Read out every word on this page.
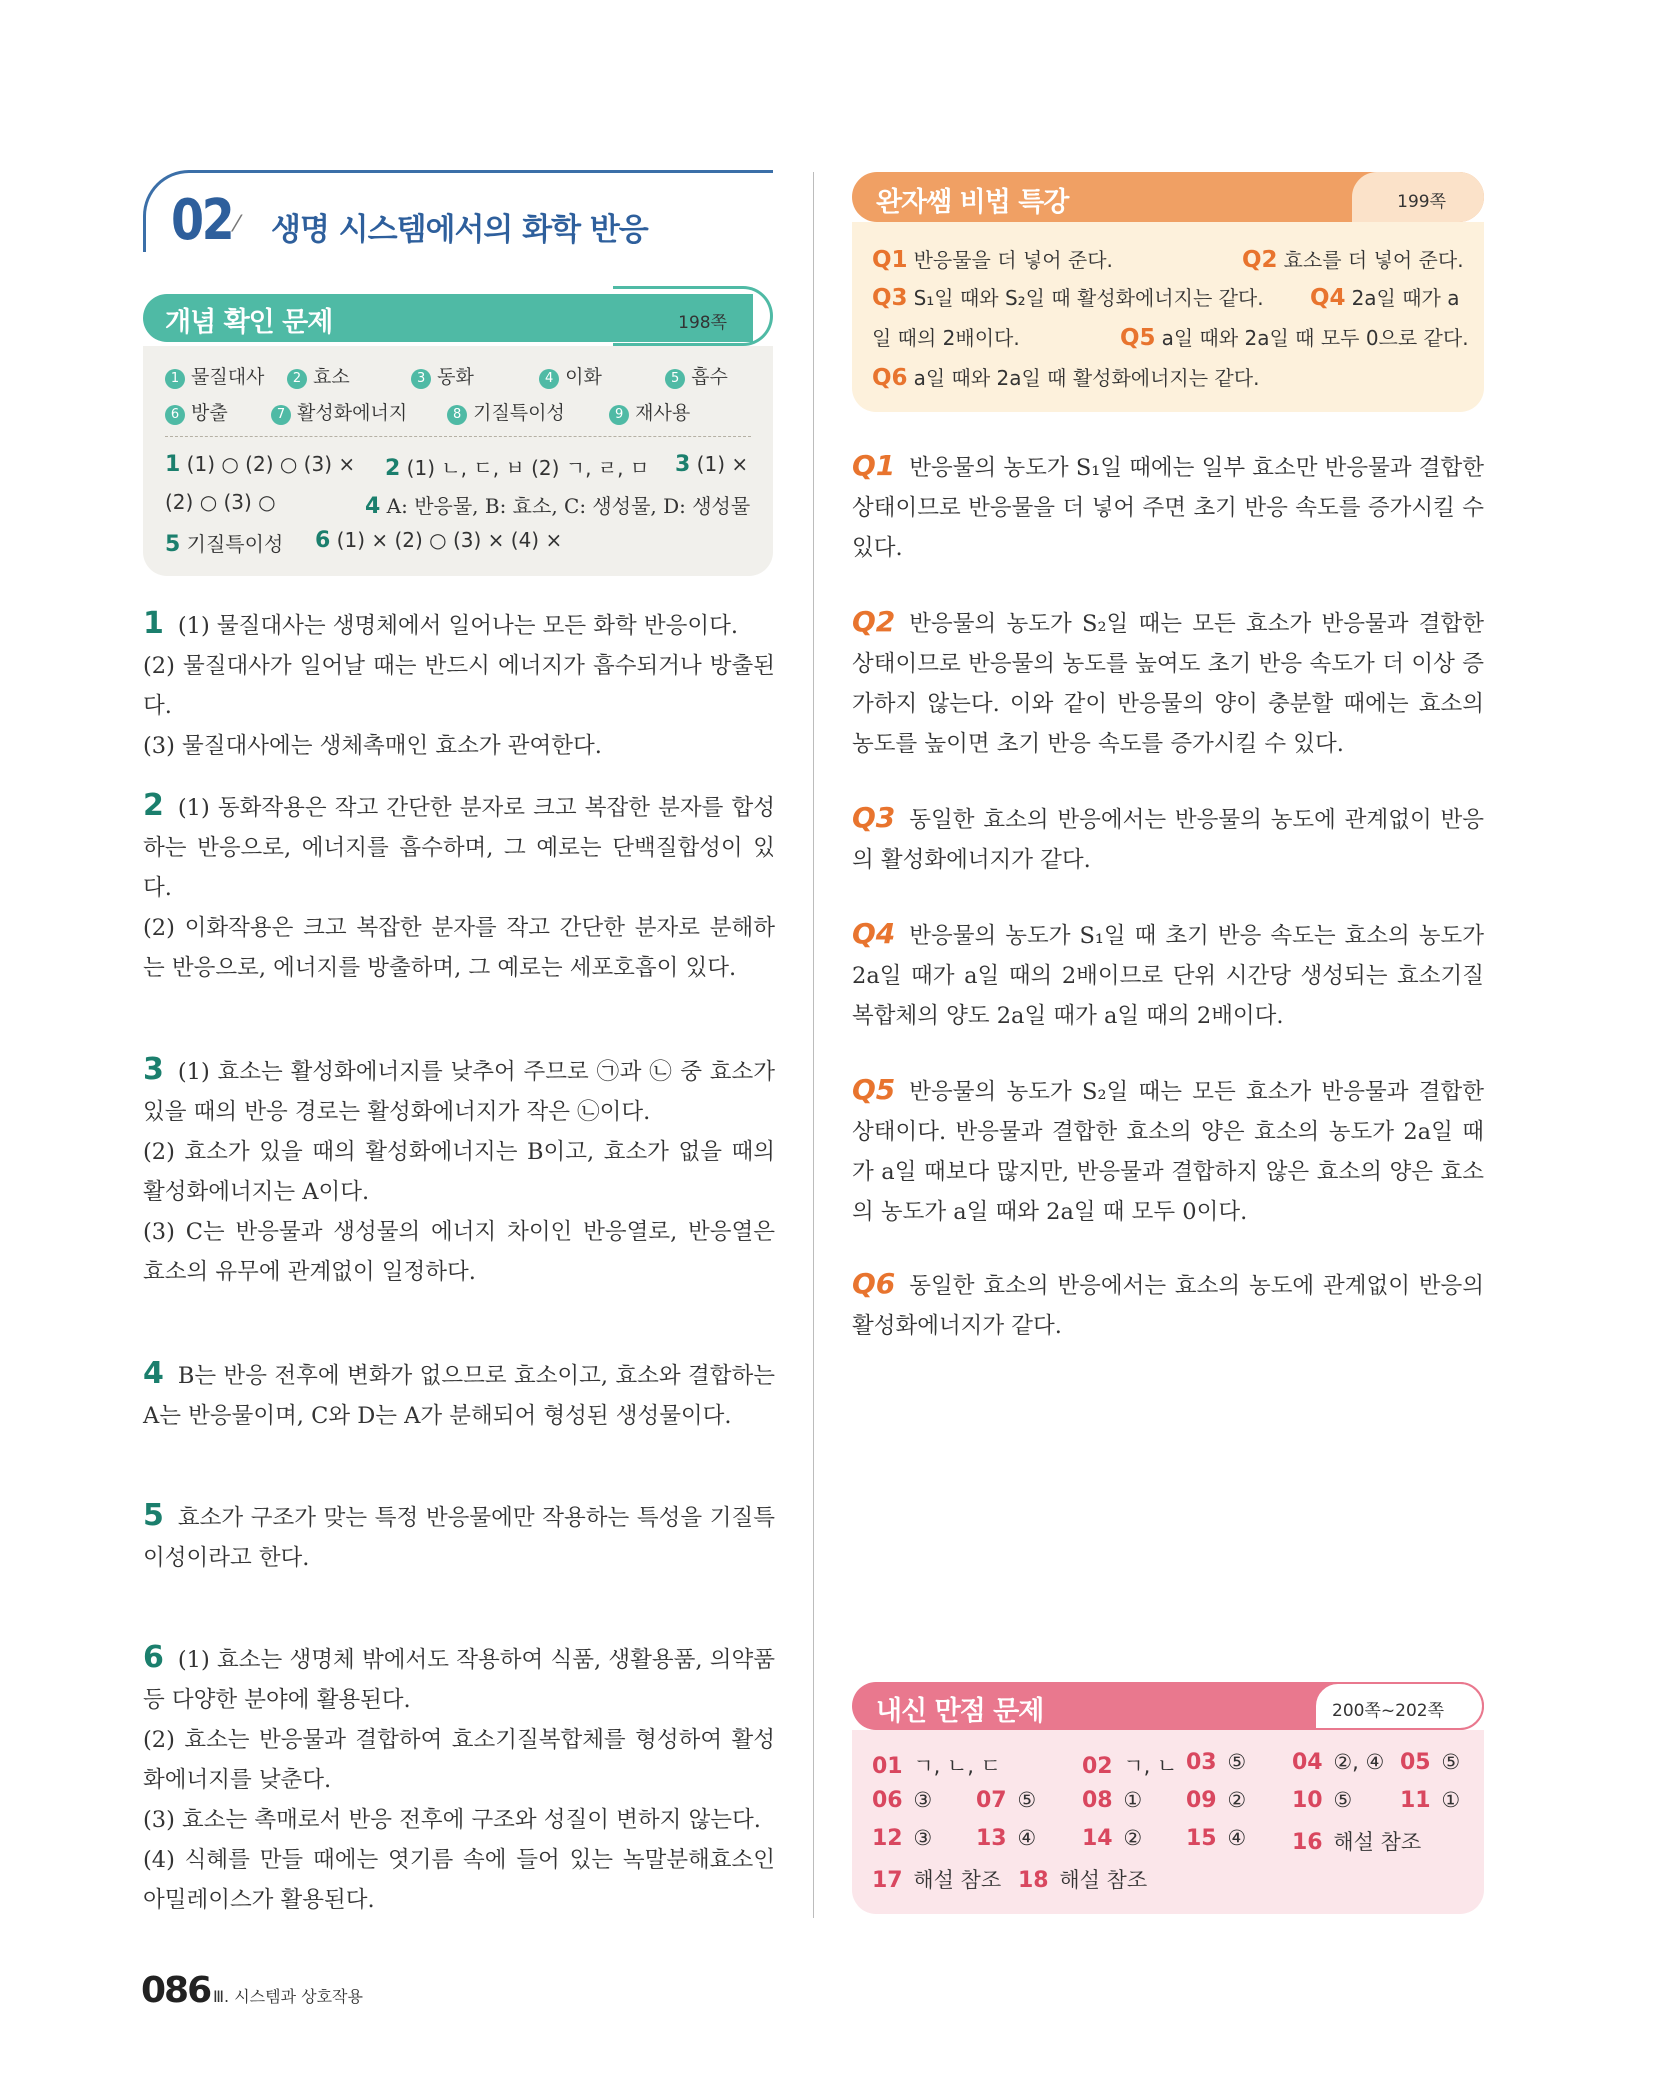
02 ⁄ 생명 시스템에서의 화학 반응
개념 확인 문제	198쪽
1 물질대사 2 효소	3 동화	4 이화	5 흡수
6 방출	7 활성화에너지	8 기질특이성	9 재사용
1 (1) ○ (2) ○ (3) × 2 (1) ㄴ, ㄷ, ㅂ (2) ㄱ, ㄹ, ㅁ 3 (1) ×
(2) ○ (3) ○	4 A: 반응물, B: 효소, C: 생성물, D: 생성물
5 기질특이성 6 (1) × (2) ○ (3) × (4) ×
1 (1) 물질대사는 생명체에서 일어나는 모든 화학 반응이다.
(2) 물질대사가 일어날 때는 반드시 에너지가 흡수되거나 방출된다.
(3) 물질대사에는 생체촉매인 효소가 관여한다.
2 (1) 동화작용은 작고 간단한 분자로 크고 복잡한 분자를 합성하는 반응으로, 에너지를 흡수하며, 그 예로는 단백질합성이 있다.
(2) 이화작용은 크고 복잡한 분자를 작고 간단한 분자로 분해하는 반응으로, 에너지를 방출하며, 그 예로는 세포호흡이 있다.
3 (1) 효소는 활성화에너지를 낮추어 주므로 ㉠과 ㉡ 중 효소가 있을 때의 반응 경로는 활성화에너지가 작은 ㉡이다.
(2) 효소가 있을 때의 활성화에너지는 B이고, 효소가 없을 때의 활성화에너지는 A이다.
(3) C는 반응물과 생성물의 에너지 차이인 반응열로, 반응열은 효소의 유무에 관계없이 일정하다.
4 B는 반응 전후에 변화가 없으므로 효소이고, 효소와 결합하는 A는 반응물이며, C와 D는 A가 분해되어 형성된 생성물이다.
5 효소가 구조가 맞는 특정 반응물에만 작용하는 특성을 기질특이성이라고 한다.
6 (1) 효소는 생명체 밖에서도 작용하여 식품, 생활용품, 의약품 등 다양한 분야에 활용된다.
(2) 효소는 반응물과 결합하여 효소기질복합체를 형성하여 활성화에너지를 낮춘다.
(3) 효소는 촉매로서 반응 전후에 구조와 성질이 변하지 않는다.
(4) 식혜를 만들 때에는 엿기름 속에 들어 있는 녹말분해효소인 아밀레이스가 활용된다.
완자쌤 비법 특강	199쪽
Q1 반응물을 더 넣어 준다.	Q2 효소를 더 넣어 준다.
Q3 S₁일 때와 S₂일 때 활성화에너지는 같다. Q4 2a일 때가 a
일 때의 2배이다.	Q5 a일 때와 2a일 때 모두 0으로 같다.
Q6 a일 때와 2a일 때 활성화에너지는 같다.
Q1 반응물의 농도가 S₁일 때에는 일부 효소만 반응물과 결합한 상태이므로 반응물을 더 넣어 주면 초기 반응 속도를 증가시킬 수 있다.
Q2 반응물의 농도가 S₂일 때는 모든 효소가 반응물과 결합한 상태이므로 반응물의 농도를 높여도 초기 반응 속도가 더 이상 증가하지 않는다. 이와 같이 반응물의 양이 충분할 때에는 효소의 농도를 높이면 초기 반응 속도를 증가시킬 수 있다.
Q3 동일한 효소의 반응에서는 반응물의 농도에 관계없이 반응의 활성화에너지가 같다.
Q4 반응물의 농도가 S₁일 때 초기 반응 속도는 효소의 농도가 2a일 때가 a일 때의 2배이므로 단위 시간당 생성되는 효소기질복합체의 양도 2a일 때가 a일 때의 2배이다.
Q5 반응물의 농도가 S₂일 때는 모든 효소가 반응물과 결합한 상태이다. 반응물과 결합한 효소의 양은 효소의 농도가 2a일 때가 a일 때보다 많지만, 반응물과 결합하지 않은 효소의 양은 효소의 농도가 a일 때와 2a일 때 모두 0이다.
Q6 동일한 효소의 반응에서는 효소의 농도에 관계없이 반응의 활성화에너지가 같다.
내신 만점 문제	200쪽~202쪽
01 ㄱ, ㄴ, ㄷ	02 ㄱ, ㄴ 03 ⑤ 04 ②, ④ 05 ⑤
06 ③ 07 ⑤ 08 ① 09 ② 10 ⑤ 11 ①
12 ③ 13 ④ 14 ② 15 ④ 16 해설 참조
17 해설 참조 18 해설 참조
086 Ⅲ. 시스템과 상호작용
